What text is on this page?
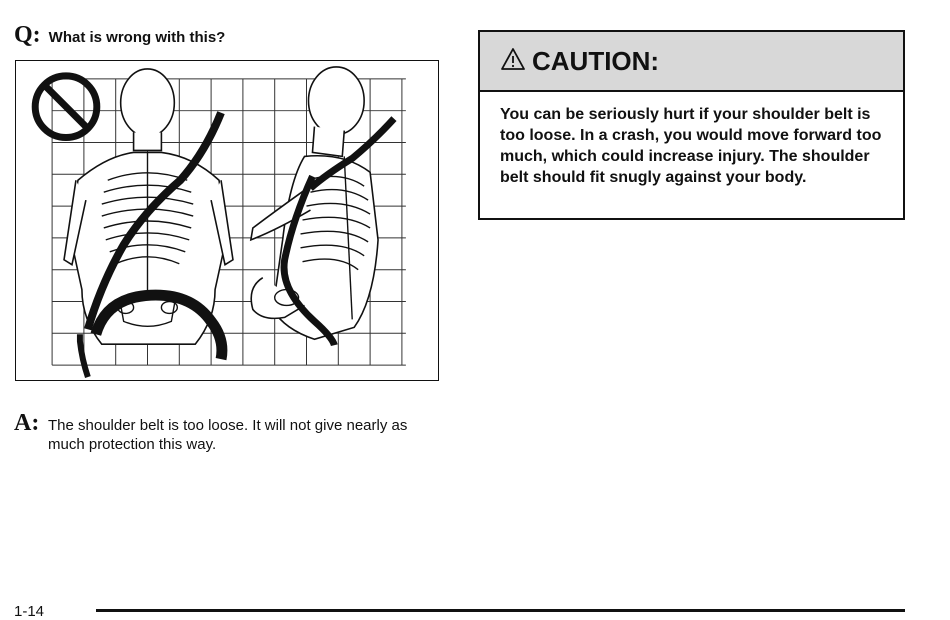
Q: What is wrong with this?
A: The shoulder belt is too loose. It will not give nearly as much protection this way.
CAUTION:
You can be seriously hurt if your shoulder belt is too loose. In a crash, you would move forward too much, which could increase injury. The shoulder belt should fit snugly against your body.
1-14
